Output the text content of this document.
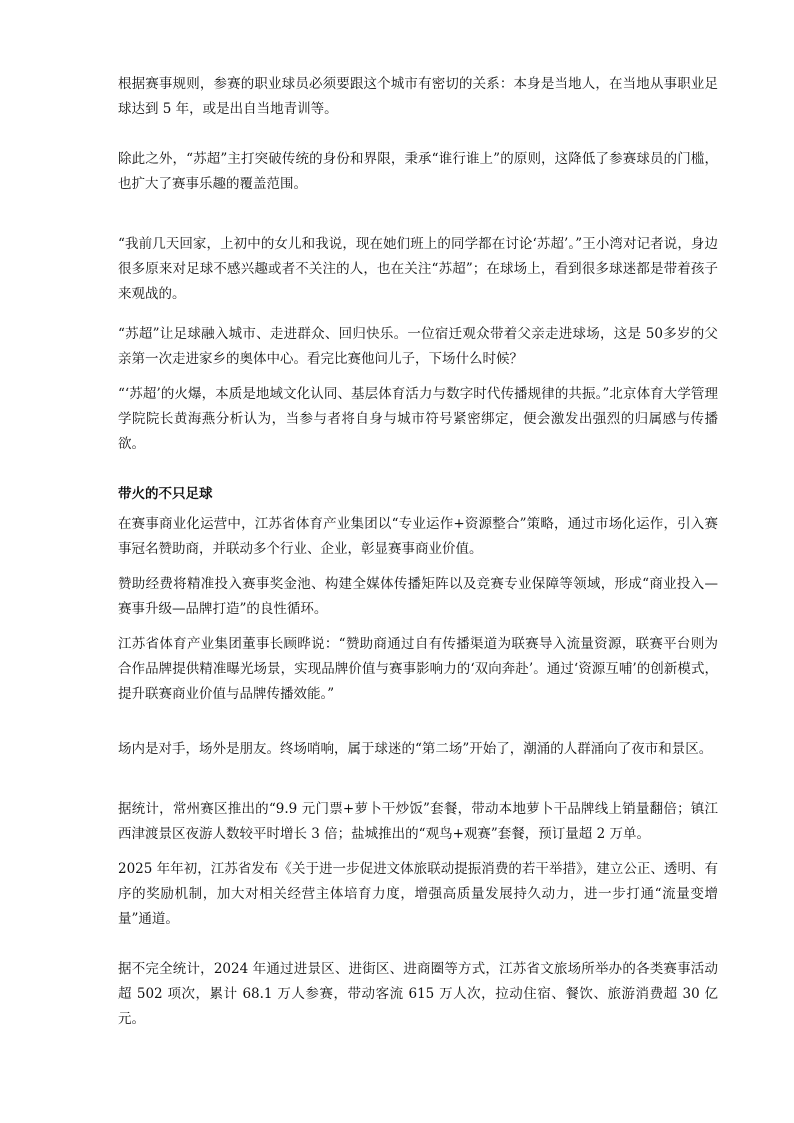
根据赛事规则，参赛的职业球员必须要跟这个城市有密切的关系：本身是当地人，在当地从事职业足球达到 5 年，或是出自当地青训等。

除此之外，“苏超”主打突破传统的身份和界限，秉承“谁行谁上”的原则，这降低了参赛球员的门槛，也扩大了赛事乐趣的覆盖范围。

“我前几天回家，上初中的女儿和我说，现在她们班上的同学都在讨论‘苏超’。”王小湾对记者说，身边很多原来对足球不感兴趣或者不关注的人，也在关注“苏超”；在球场上，看到很多球迷都是带着孩子来观战的。

“苏超”让足球融入城市、走进群众、回归快乐。一位宿迁观众带着父亲走进球场，这是 50多岁的父亲第一次走进家乡的奥体中心。看完比赛他问儿子，下场什么时候？

“‘苏超’的火爆，本质是地域文化认同、基层体育活力与数字时代传播规律的共振。”北京体育大学管理学院院长黄海燕分析认为，当参与者将自身与城市符号紧密绑定，便会激发出强烈的归属感与传播欲。

带火的不只足球

在赛事商业化运营中，江苏省体育产业集团以“专业运作+资源整合”策略，通过市场化运作，引入赛事冠名赞助商，并联动多个行业、企业，彰显赛事商业价值。

赞助经费将精准投入赛事奖金池、构建全媒体传播矩阵以及竞赛专业保障等领域，形成“商业投入—赛事升级—品牌打造”的良性循环。

江苏省体育产业集团董事长顾晔说：“赞助商通过自有传播渠道为联赛导入流量资源，联赛平台则为合作品牌提供精准曝光场景，实现品牌价值与赛事影响力的‘双向奔赴’。通过‘资源互哺’的创新模式，提升联赛商业价值与品牌传播效能。”

场内是对手，场外是朋友。终场哨响，属于球迷的“第二场”开始了，潮涌的人群涌向了夜市和景区。

据统计，常州赛区推出的“9.9 元门票+萝卜干炒饭”套餐，带动本地萝卜干品牌线上销量翻倍；镇江西津渡景区夜游人数较平时增长 3 倍；盐城推出的“观鸟+观赛”套餐，预订量超 2 万单。

2025 年年初，江苏省发布《关于进一步促进文体旅联动提振消费的若干举措》，建立公正、透明、有序的奖励机制，加大对相关经营主体培育力度，增强高质量发展持久动力，进一步打通“流量变增量”通道。

据不完全统计，2024 年通过进景区、进街区、进商圈等方式，江苏省文旅场所举办的各类赛事活动超 502 项次，累计 68.1 万人参赛，带动客流 615 万人次，拉动住宿、餐饮、旅游消费超 30 亿元。
